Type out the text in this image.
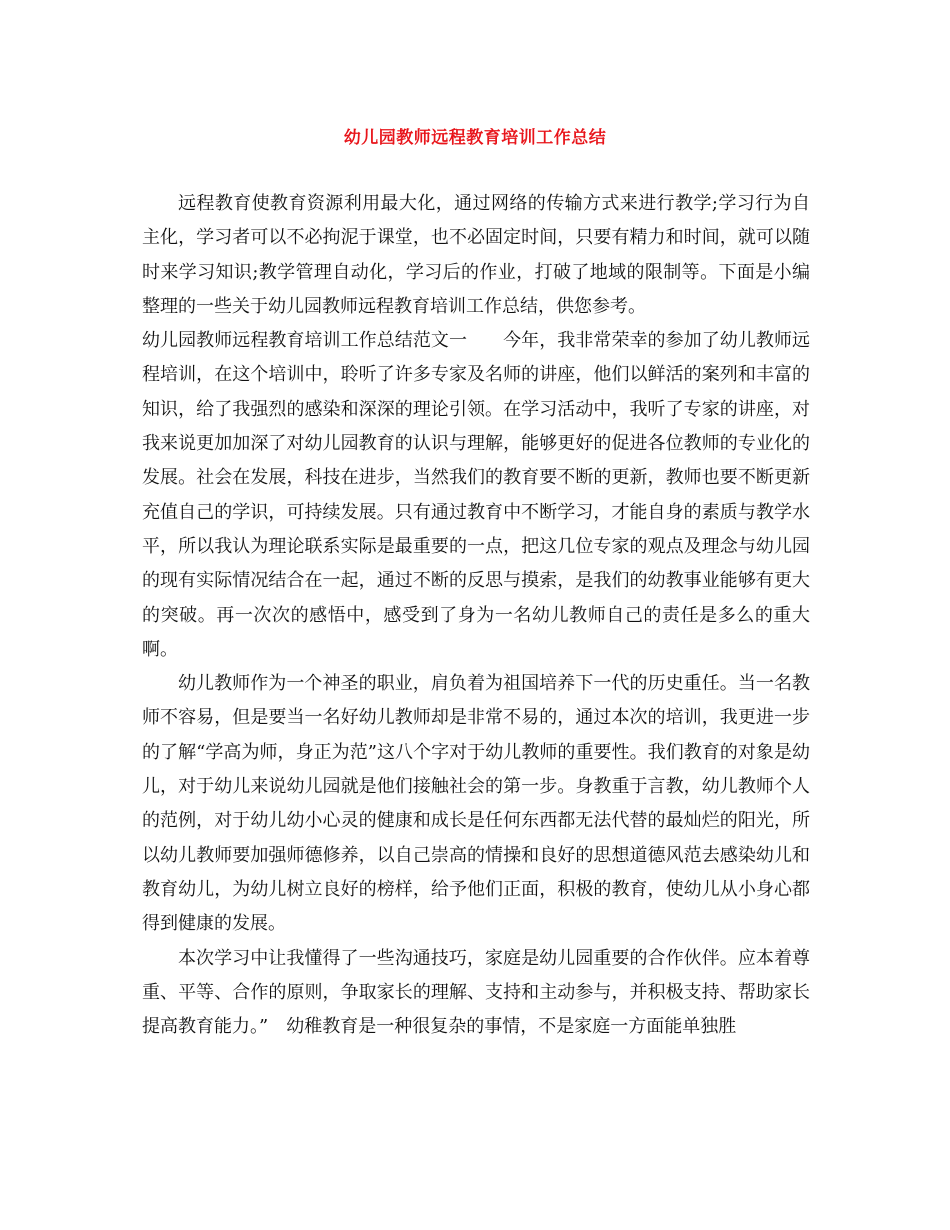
幼儿园教师远程教育培训工作总结

远程教育使教育资源利用最大化，通过网络的传输方式来进行教学;学习行为自主化，学习者可以不必拘泥于课堂，也不必固定时间，只要有精力和时间，就可以随时来学习知识;教学管理自动化，学习后的作业，打破了地域的限制等。下面是小编整理的一些关于幼儿园教师远程教育培训工作总结，供您参考。

幼儿园教师远程教育培训工作总结范文一　　今年，我非常荣幸的参加了幼儿教师远程培训，在这个培训中，聆听了许多专家及名师的讲座，他们以鲜活的案列和丰富的知识，给了我强烈的感染和深深的理论引领。在学习活动中，我听了专家的讲座，对我来说更加加深了对幼儿园教育的认识与理解，能够更好的促进各位教师的专业化的发展。社会在发展，科技在进步，当然我们的教育要不断的更新，教师也要不断更新充值自己的学识，可持续发展。只有通过教育中不断学习，才能自身的素质与教学水平，所以我认为理论联系实际是最重要的一点，把这几位专家的观点及理念与幼儿园的现有实际情况结合在一起，通过不断的反思与摸索，是我们的幼教事业能够有更大的突破。再一次次的感悟中，感受到了身为一名幼儿教师自己的责任是多么的重大啊。

幼儿教师作为一个神圣的职业，肩负着为祖国培养下一代的历史重任。当一名教师不容易，但是要当一名好幼儿教师却是非常不易的，通过本次的培训，我更进一步的了解“学高为师，身正为范”这八个字对于幼儿教师的重要性。我们教育的对象是幼儿，对于幼儿来说幼儿园就是他们接触社会的第一步。身教重于言教，幼儿教师个人的范例，对于幼儿幼小心灵的健康和成长是任何东西都无法代替的最灿烂的阳光，所以幼儿教师要加强师德修养，以自己崇高的情操和良好的思想道德风范去感染幼儿和教育幼儿，为幼儿树立良好的榜样，给予他们正面，积极的教育，使幼儿从小身心都得到健康的发展。

本次学习中让我懂得了一些沟通技巧，家庭是幼儿园重要的合作伙伴。应本着尊重、平等、合作的原则，争取家长的理解、支持和主动参与，并积极支持、帮助家长提高教育能力。”　幼稚教育是一种很复杂的事情，不是家庭一方面能单独胜
